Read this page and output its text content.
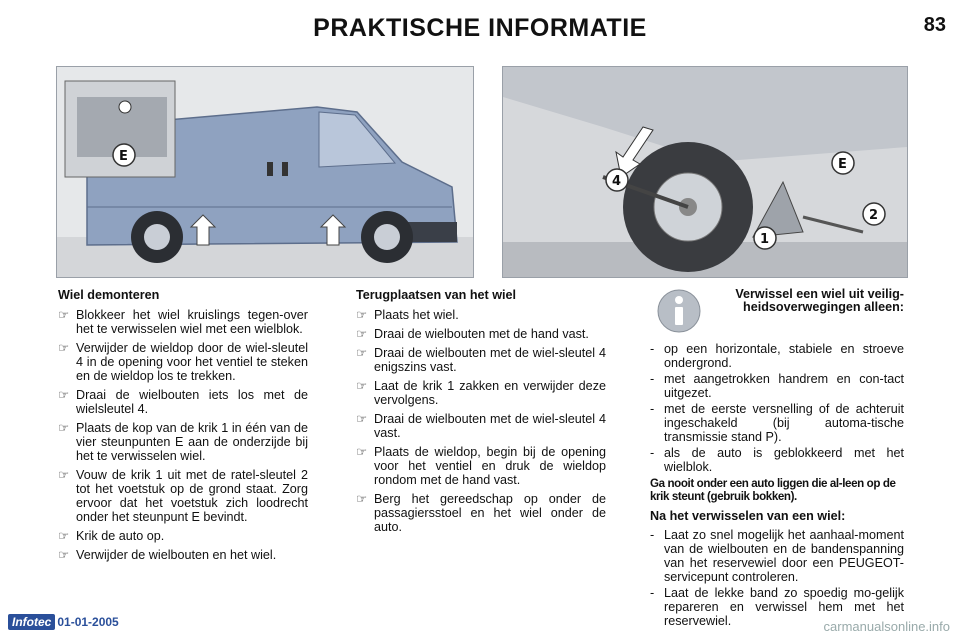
PRAKTISCHE INFORMATIE	83
E
4
E
2
1
Wiel demonteren
☞ Blokkeer het wiel kruislings tegen-over het te verwisselen wiel met een wielblok.
☞ Verwijder de wieldop door de wiel-sleutel 4 in de opening voor het ventiel te steken en de wieldop los te trekken.
☞ Draai de wielbouten iets los met de wielsleutel 4.
☞ Plaats de kop van de krik 1 in één van de vier steunpunten E aan de onderzijde bij het te verwisselen wiel.
☞ Vouw de krik 1 uit met de ratel-sleutel 2 tot het voetstuk op de grond staat. Zorg ervoor dat het voetstuk zich loodrecht onder het steunpunt E bevindt.
☞ Krik de auto op.
☞ Verwijder de wielbouten en het wiel.
Terugplaatsen van het wiel
☞ Plaats het wiel.
☞ Draai de wielbouten met de hand vast.
☞ Draai de wielbouten met de wiel-sleutel 4 enigszins vast.
☞ Laat de krik 1 zakken en verwijder deze vervolgens.
☞ Draai de wielbouten met de wiel-sleutel 4 vast.
☞ Plaats de wieldop, begin bij de opening voor het ventiel en druk de wieldop rondom met de hand vast.
☞ Berg het gereedschap op onder de passagiersstoel en het wiel onder de auto.
Verwissel een wiel uit veilig-heidsoverwegingen alleen:
- op een horizontale, stabiele en stroeve ondergrond.
- met aangetrokken handrem en con-tact uitgezet.
- met de eerste versnelling of de achteruit ingeschakeld (bij automa-tische transmissie stand P).
- als de auto is geblokkeerd met het wielblok.
Ga nooit onder een auto liggen die al-leen op de krik steunt (gebruik bokken).
Na het verwisselen van een wiel:
- Laat zo snel mogelijk het aanhaal-moment van de wielbouten en de bandenspanning van het reservewiel door een PEUGEOT-servicepunt controleren.
- Laat de lekke band zo spoedig mo-gelijk repareren en verwissel hem met het reservewiel.
Infotec 01-01-2005	carmanualsonline.info
